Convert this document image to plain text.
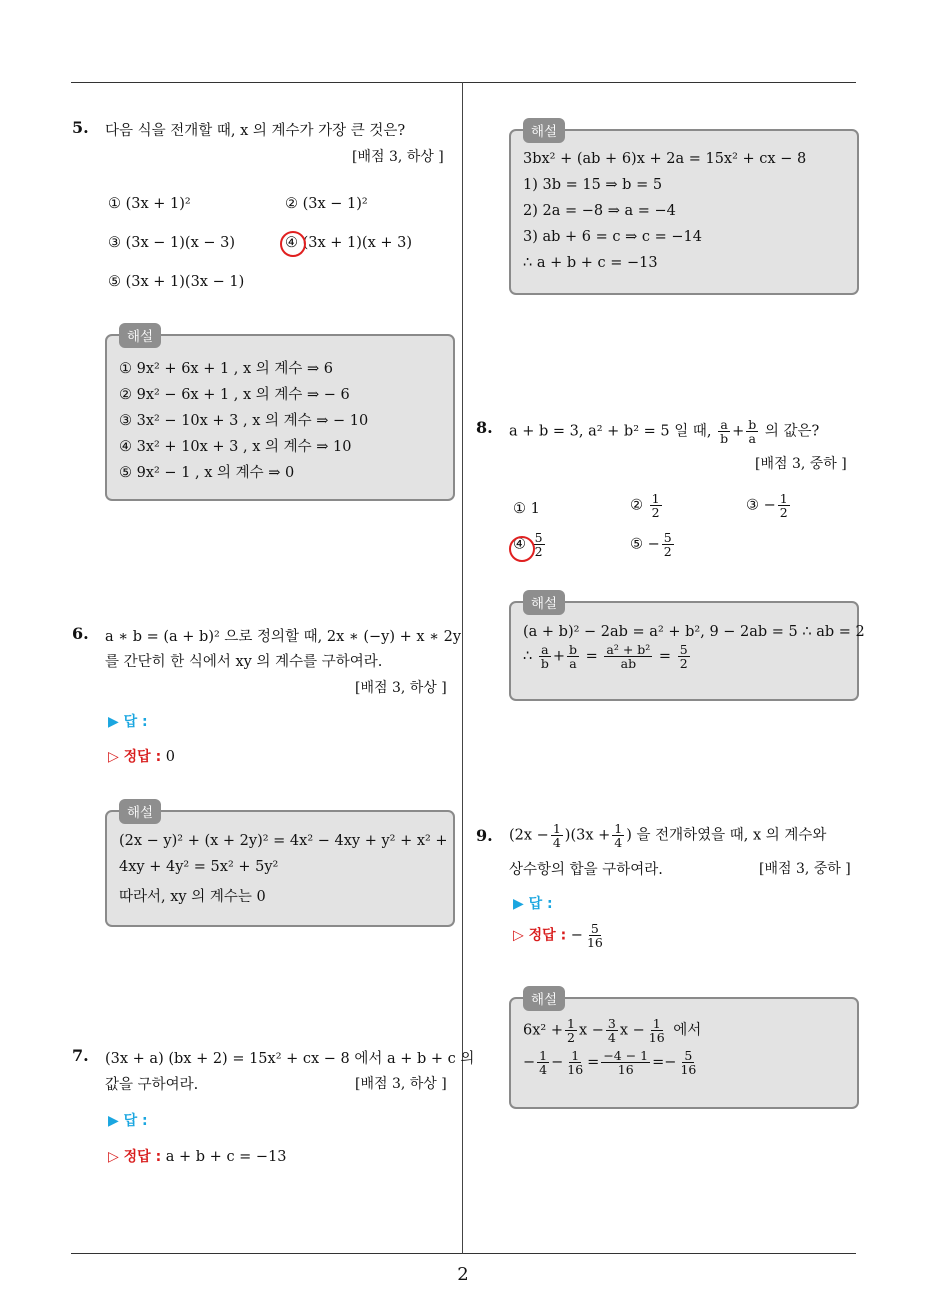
2
5. 다음 식을 전개할 때, x 의 계수가 가장 큰 것은?
[배점 3, 하상 ]
① (3x + 1)²	② (3x − 1)²
③ (3x − 1)(x − 3)	④ (3x + 1)(x + 3)
⑤ (3x + 1)(3x − 1)
해설
① 9x² + 6x + 1 , x 의 계수 ⇒ 6
② 9x² − 6x + 1 , x 의 계수 ⇒ − 6
③ 3x² − 10x + 3 , x 의 계수 ⇒ − 10
④ 3x² + 10x + 3 , x 의 계수 ⇒ 10
⑤ 9x² − 1 , x 의 계수 ⇒ 0
6. a ∗ b = (a + b)² 으로 정의할 때, 2x ∗ (−y) + x ∗ 2y
를 간단히 한 식에서 xy 의 계수를 구하여라.
[배점 3, 하상 ]
▶ 답 :
▷ 정답 : 0
해설
(2x − y)² + (x + 2y)² = 4x² − 4xy + y² + x² +
4xy + 4y² = 5x² + 5y²
따라서, xy 의 계수는 0
7. (3x + a) (bx + 2) = 15x² + cx − 8 에서 a + b + c 의
값을 구하여라.	[배점 3, 하상 ]
▶ 답 :
▷ 정답 : a + b + c = −13
해설
3bx² + (ab + 6)x + 2a = 15x² + cx − 8
1) 3b = 15 ⇒ b = 5
2) 2a = −8 ⇒ a = −4
3) ab + 6 = c ⇒ c = −14
∴ a + b + c = −13
8. a + b = 3, a² + b² = 5 일 때, $\frac{a}{b} + \frac{b}{a}$ 의 값은?
[배점 3, 중하 ]
① 1	② $\frac{1}{2}$	③ − $\frac{1}{2}$
④ $\frac{5}{2}$	⑤ − $\frac{5}{2}$
해설
(a + b)² − 2ab = a² + b², 9 − 2ab = 5 ∴ ab = 2
∴ $\frac{a}{b} + \frac{b}{a} = \frac{\text{a² + b²}}{ab} = \frac{5}{2}$
9. $(2x - \frac{1}{4} )(3x + \frac{1}{4}$ ) 을 전개하였을 때, x 의 계수와
상수항의 합을 구하여라.	[배점 3, 중하 ]
▶ 답 :
▷ 정답 : − $\frac{5}{16}$
해설
$6x^2 + \frac{1}{2}$ $x - \frac{3}{4}$ $x - \frac{1}{16}$ 에서
− $\frac{1}{4} - \frac{1}{16} = \frac{-4 - 1}{16} =- \frac{5}{16}$
